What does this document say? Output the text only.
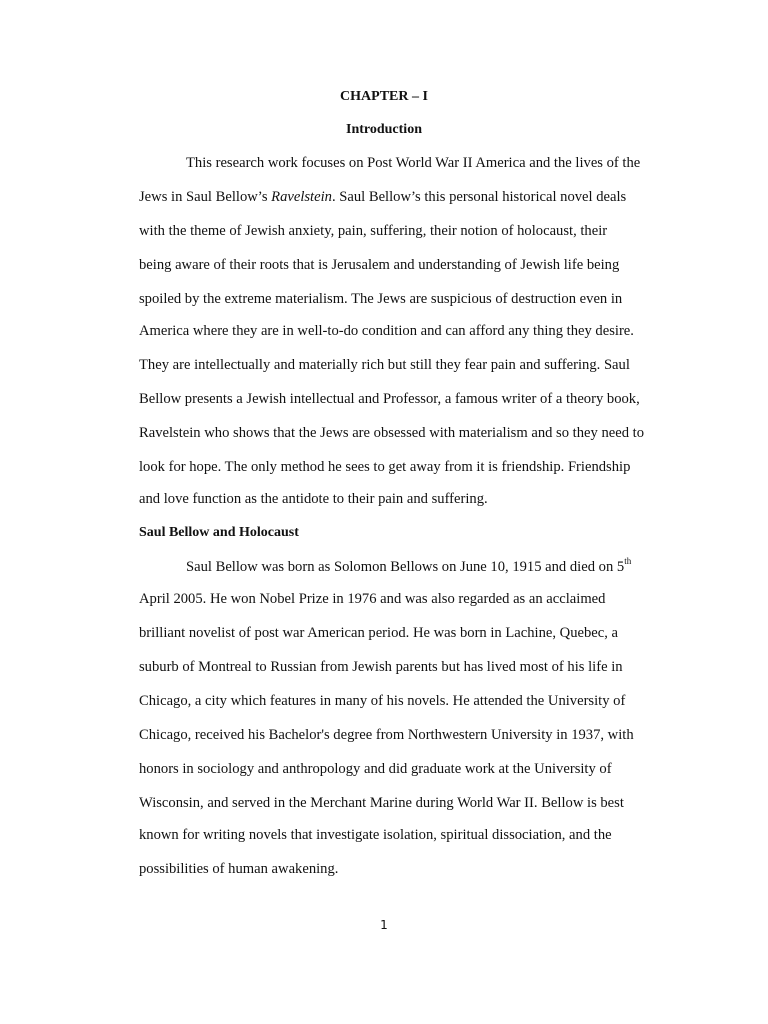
CHAPTER – I
Introduction
This research work focuses on Post World War II America and the lives of the
Jews in Saul Bellow’s Ravelstein. Saul Bellow’s this personal historical novel deals
with the theme of Jewish anxiety, pain, suffering, their notion of holocaust, their
being aware of their roots that is Jerusalem and understanding of Jewish life being
spoiled by the extreme materialism. The Jews are suspicious of destruction even in
America where they are in well-to-do condition and can afford any thing they desire.
They are intellectually and materially rich but still they fear pain and suffering. Saul
Bellow presents a Jewish intellectual and Professor, a famous writer of a theory book,
Ravelstein who shows that the Jews are obsessed with materialism and so they need to
look for hope. The only method he sees to get away from it is friendship. Friendship
and love function as the antidote to their pain and suffering.
Saul Bellow and Holocaust
Saul Bellow was born as Solomon Bellows on June 10, 1915 and died on 5th
April 2005. He won Nobel Prize in 1976 and was also regarded as an acclaimed
brilliant novelist of post war American period. He was born in Lachine, Quebec, a
suburb of Montreal to Russian from Jewish parents but has lived most of his life in
Chicago, a city which features in many of his novels. He attended the University of
Chicago, received his Bachelor's degree from Northwestern University in 1937, with
honors in sociology and anthropology and did graduate work at the University of
Wisconsin, and served in the Merchant Marine during World War II. Bellow is best
known for writing novels that investigate isolation, spiritual dissociation, and the
possibilities of human awakening.
1
